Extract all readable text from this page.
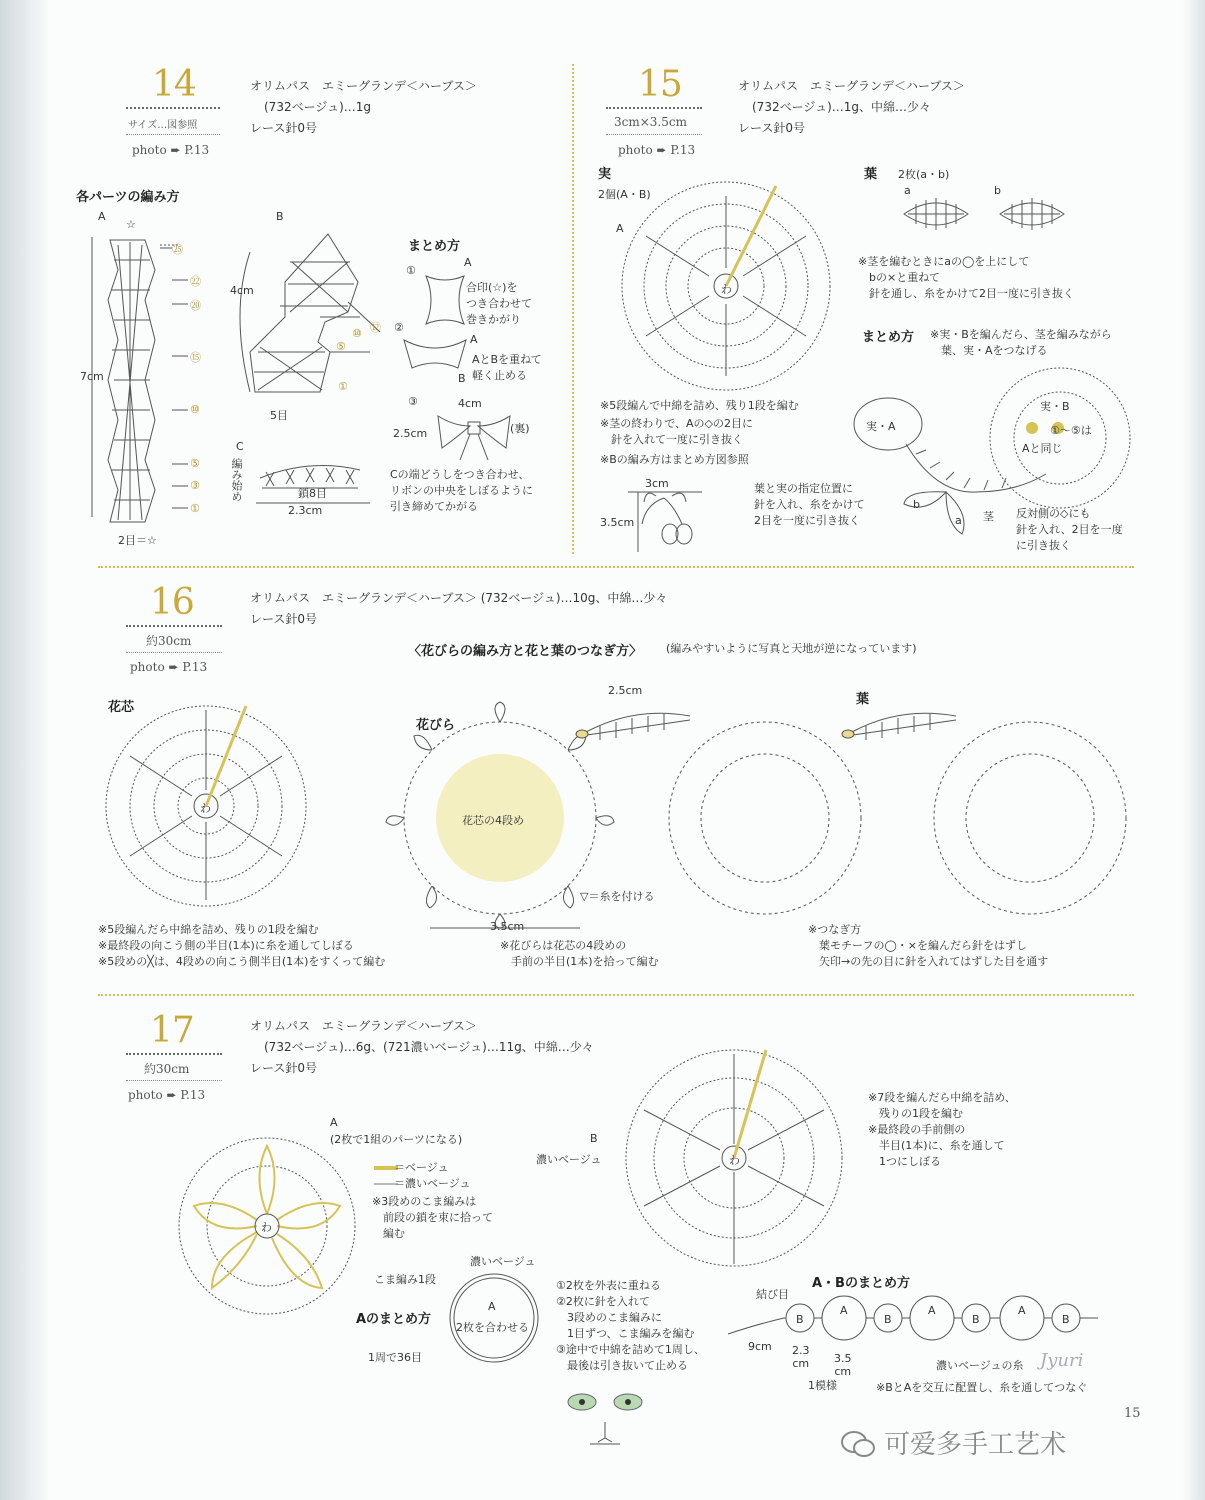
14
サイズ…図参照
photo ➨ P.13
オリムパス　エミーグランデ＜ハーブス＞
(732ベージュ)…1g
レース針0号
各パーツの編み方
A
☆
㉕
㉒
⑳
⑮
⑩
⑤
③
①
7cm
2目＝☆
B
4cm
⑫
⑩
⑤
①
5目
C
編み始め	鎖8目
2.3cm
まとめ方
①
A
合印(☆)を
つき合わせて
巻きかがり
②
A
B
AとBを重ねて
軽く止める
③	4cm
2.5cm	(裏)
Cの端どうしをつき合わせ、
リボンの中央をしぼるように
引き締めてかがる
15
3cm×3.5cm
photo ➨ P.13
オリムパス　エミーグランデ＜ハーブス＞
(732ベージュ)…1g、中綿…少々
レース針0号
実
2個(A・B)
A
わ
葉 2枚(a・b)
a	b
※茎を編むときにaの◯を上にして
　bの×と重ねて
　針を通し、糸をかけて2目一度に引き抜く
まとめ方 ※実・Bを編んだら、茎を編みながら
　葉、実・Aをつなげる
※5段編んで中綿を詰め、残り1段を編む
※茎の終わりで、Aの◇の2目に
　針を入れて一度に引き抜く
※Bの編み方はまとめ方図参照
3cm
3.5cm
実・A
実・B
①～⑤は
Aと同じ
b
a 茎
葉と実の指定位置に
針を入れ、糸をかけて
2目を一度に引き抜く
反対側の◇にも
針を入れ、2目を一度
に引き抜く
16
約30cm
photo ➨ P.13
オリムパス　エミーグランデ＜ハーブス＞ (732ベージュ)…10g、中綿…少々
レース針0号
〈花びらの編み方と花と葉のつなぎ方〉 (編みやすいように写真と天地が逆になっています)
花芯
わ
花びら
葉
2.5cm
花芯の4段め
▽＝糸を付ける
3.5cm
※5段編んだら中綿を詰め、残りの1段を編む
※最終段の向こう側の半目(1本)に糸を通してしぼる
※5段めの╳は、4段めの向こう側半目(1本)をすくって編む
※花びらは花芯の4段めの
　手前の半目(1本)を拾って編む
※つなぎ方
　葉モチーフの◯・×を編んだら針をはずし
　矢印→の先の目に針を入れてはずした目を通す
17
約30cm
photo ➨ P.13
オリムパス　エミーグランデ＜ハーブス＞
(732ベージュ)…6g、(721濃いベージュ)…11g、中綿…少々
レース針0号
A
(2枚で1組のパーツになる)
わ
＝ベージュ
＝濃いベージュ
※3段めのこま編みは
　前段の鎖を束に拾って
　編む
B
濃いベージュ	わ
※7段を編んだら中綿を詰め、
　残りの1段を編む
※最終段の手前側の
　半目(1本)に、糸を通して
　1つにしぼる
濃いベージュ
こま編み1段
Aのまとめ方
A
2枚を合わせる
1周で36目
①2枚を外表に重ねる
②2枚に針を入れて
　3段めのこま編みに
　1目ずつ、こま編みを編む
③途中で中綿を詰めて1周し、
　最後は引き抜いて止める
結び目
A・Bのまとめ方
B
A
B
A
B
A
B
9cm 2.3
cm 3.5
cm
1模様
濃いベージュの糸
※BとAを交互に配置し、糸を通してつなぐ
Jyuri
可爱多手工艺术
15
